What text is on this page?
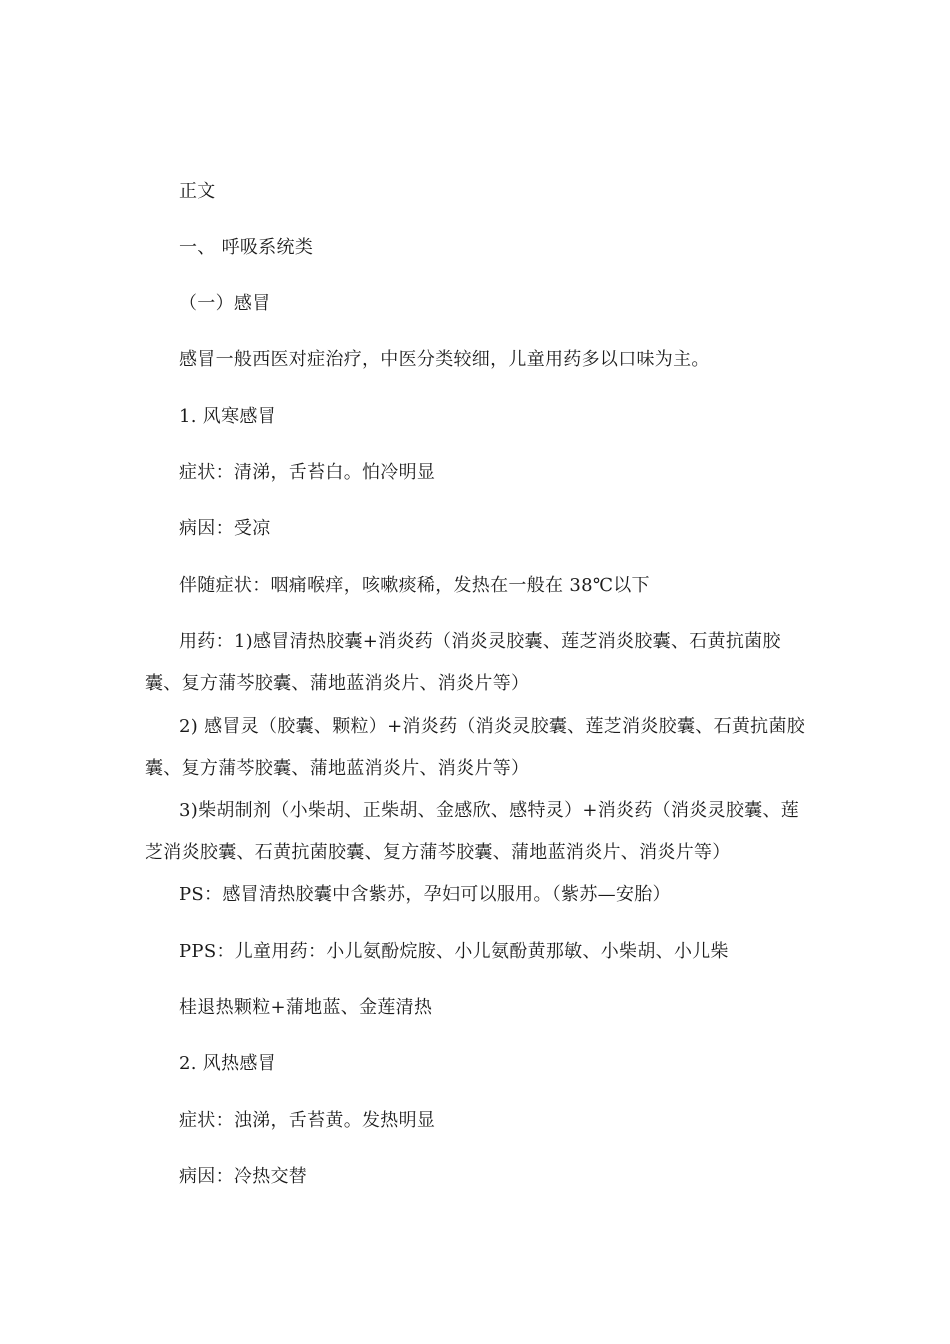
正文

一、 呼吸系统类

（一）感冒

感冒一般西医对症治疗，中医分类较细，儿童用药多以口味为主。

1. 风寒感冒

症状：清涕，舌苔白。怕冷明显

病因：受凉

伴随症状：咽痛喉痒，咳嗽痰稀，发热在一般在 38℃以下

用药：1)感冒清热胶囊+消炎药（消炎灵胶囊、莲芝消炎胶囊、石黄抗菌胶囊、复方蒲芩胶囊、蒲地蓝消炎片、消炎片等）

2) 感冒灵（胶囊、颗粒）+消炎药（消炎灵胶囊、莲芝消炎胶囊、石黄抗菌胶囊、复方蒲芩胶囊、蒲地蓝消炎片、消炎片等）

3)柴胡制剂（小柴胡、正柴胡、金感欣、感特灵）+消炎药（消炎灵胶囊、莲芝消炎胶囊、石黄抗菌胶囊、复方蒲芩胶囊、蒲地蓝消炎片、消炎片等）

PS：感冒清热胶囊中含紫苏，孕妇可以服用。（紫苏—安胎）

PPS：儿童用药：小儿氨酚烷胺、小儿氨酚黄那敏、小柴胡、小儿柴

桂退热颗粒+蒲地蓝、金莲清热

2. 风热感冒

症状：浊涕，舌苔黄。发热明显

病因：冷热交替
